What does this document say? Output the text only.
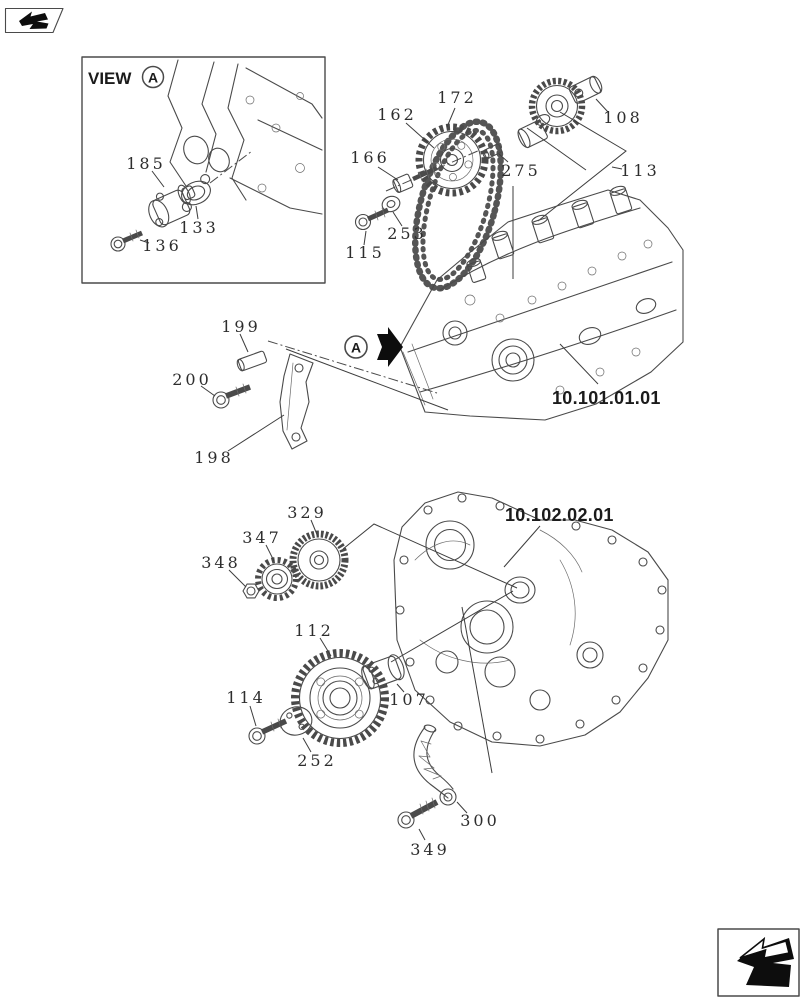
VIEW A
185
133
136
172
162
166
253
115
108
113
275
10.101.01.01
A
199
200
198
329
347
348
10.102.02.01
112
107
114
252
300
349
